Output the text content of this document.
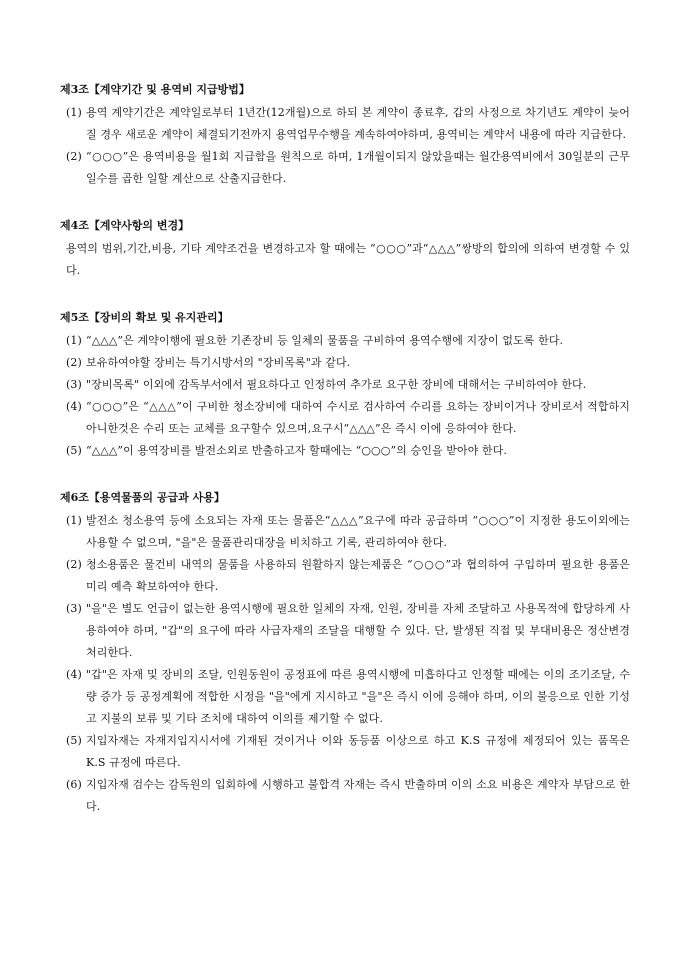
제3조【계약기간 및 용역비 지급방법】
(1) 용역 계약기간은 계약일로부터 1년간(12개월)으로 하되 본 계약이 종료후, 갑의 사정으로 차기년도 계약이 늦어질 경우 새로운 계약이 체결되기전까지 용역업무수행을 계속하여야하며, 용역비는 계약서 내용에 따라 지급한다.
(2) “○○○”은 용역비용을 월1회 지급함을 원칙으로 하며, 1개월이되지 않았을때는 월간용역비에서 30일분의 근무일수를 곱한 일할 계산으로 산출지급한다.
제4조【계약사항의 변경】
용역의 범위,기간,비용, 기타 계약조건을 변경하고자 할 때에는 “○○○”과“△△△”쌍방의 합의에 의하여 변경할 수 있다.
제5조【장비의 확보 및 유지관리】
(1) “△△△”은 계약이행에 필요한 기존장비 등 일체의 물품을 구비하여 용역수행에 지장이 없도록 한다.
(2) 보유하여야할 장비는 특기시방서의 "장비목록"과 같다.
(3) "장비목록" 이외에 감독부서에서 필요하다고 인정하여 추가로 요구한 장비에 대해서는 구비하여야 한다.
(4) “○○○”은 “△△△”이 구비한 청소장비에 대하여 수시로 검사하여 수리를 요하는 장비이거나 장비로서 적합하지 아니한것은 수리 또는 교체를 요구할수 있으며,요구시“△△△”은 즉시 이에 응하여야 한다.
(5) “△△△”이 용역장비를 발전소외로 반출하고자 할때에는 “○○○”의 승인을 받아야 한다.
제6조【용역물품의 공급과 사용】
(1) 발전소 청소용역 등에 소요되는 자재 또는 물품은“△△△”요구에 따라 공급하며 “○○○”이 지정한 용도이외에는 사용할 수 없으며, "을"은 물품관리대장을 비치하고 기록, 관리하여야 한다.
(2) 청소용품은 물건비 내역의 물품을 사용하되 원활하지 않는제품은 “○○○”과 협의하여 구입하며 필요한 용품은 미리 예측 확보하여야 한다.
(3) "을"은 별도 언급이 없는한 용역시행에 필요한 일체의 자재, 인원, 장비를 자체 조달하고 사용목적에 합당하게 사용하여야 하며, "갑"의 요구에 따라 사급자재의 조달을 대행할 수 있다. 단, 발생된 직접 및 부대비용은 정산변경 처리한다.
(4) "갑"은 자재 및 장비의 조달, 인원동원이 공정표에 따른 용역시행에 미흡하다고 인정할 때에는 이의 조기조달, 수량 증가 등 공정계획에 적합한 시정을 "을"에게 지시하고 "을"은 즉시 이에 응해야 하며, 이의 불응으로 인한 기성고 지불의 보류 및 기타 조치에 대하여 이의를 제기할 수 없다.
(5) 지입자재는 자재지입지시서에 기재된 것이거나 이와 동등품 이상으로 하고 K.S 규정에 제정되어 있는 품목은 K.S 규정에 따른다.
(6) 지입자재 검수는 감독원의 입회하에 시행하고 불합격 자재는 즉시 반출하며 이의 소요 비용은 계약자 부담으로 한다.
